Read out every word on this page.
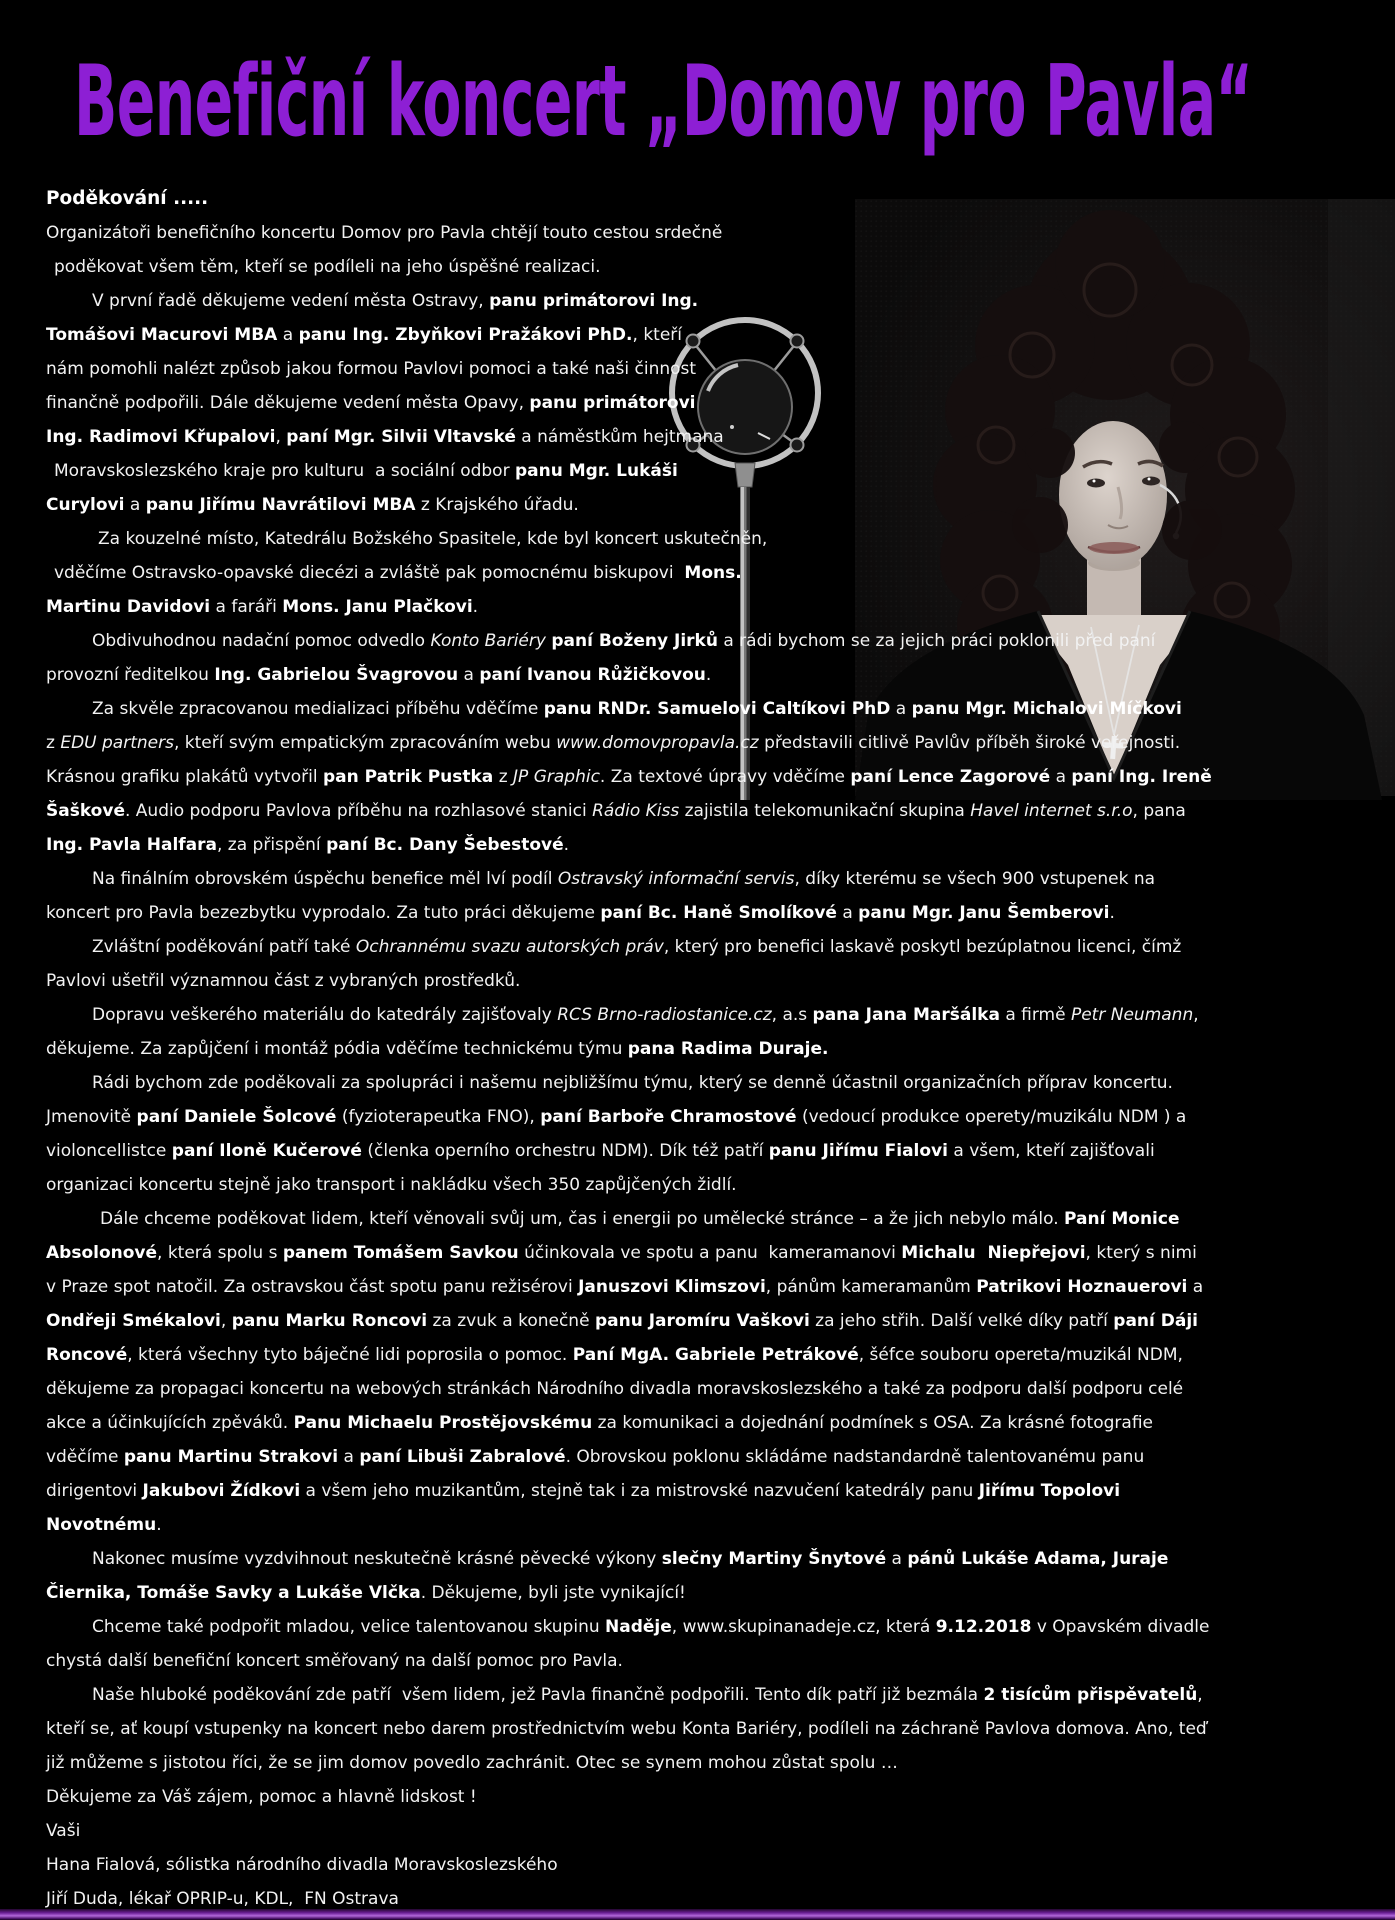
Benefiční koncert „Domov pro Pavla“
Poděkování .....
Organizátoři benefičního koncertu Domov pro Pavla chtějí touto cestou srdečně
poděkovat všem těm, kteří se podíleli na jeho úspěšné realizaci.
V první řadě děkujeme vedení města Ostravy, panu primátorovi Ing.
Tomášovi Macurovi MBA a panu Ing. Zbyňkovi Pražákovi PhD., kteří
nám pomohli nalézt způsob jakou formou Pavlovi pomoci a také naši činnost
finančně podpořili. Dále děkujeme vedení města Opavy, panu primátorovi
Ing. Radimovi Křupalovi, paní Mgr. Silvii Vltavské a náměstkům hejtmana
Moravskoslezského kraje pro kulturu  a sociální odbor panu Mgr. Lukáši
Curylovi a panu Jiřímu Navrátilovi MBA z Krajského úřadu.
Za kouzelné místo, Katedrálu Božského Spasitele, kde byl koncert uskutečněn,
vděčíme Ostravsko-opavské diecézi a zvláště pak pomocnému biskupovi  Mons.
Martinu Davidovi a faráři Mons. Janu Plačkovi.
Obdivuhodnou nadační pomoc odvedlo Konto Bariéry paní Boženy Jirků a rádi bychom se za jejich práci poklonili před paní
provozní ředitelkou Ing. Gabrielou Švagrovou a paní Ivanou Růžičkovou.
Za skvěle zpracovanou medializaci příběhu vděčíme panu RNDr. Samuelovi Caltíkovi PhD a panu Mgr. Michalovi Míčkovi
z EDU partners, kteří svým empatickým zpracováním webu www.domovpropavla.cz představili citlivě Pavlův příběh široké veřejnosti.
Krásnou grafiku plakátů vytvořil pan Patrik Pustka z JP Graphic. Za textové úpravy vděčíme paní Lence Zagorové a paní Ing. Ireně
Šaškové. Audio podporu Pavlova příběhu na rozhlasové stanici Rádio Kiss zajistila telekomunikační skupina Havel internet s.r.o, pana
Ing. Pavla Halfara, za přispění paní Bc. Dany Šebestové.
Na finálním obrovském úspěchu benefice měl lví podíl Ostravský informační servis, díky kterému se všech 900 vstupenek na
koncert pro Pavla bezezbytku vyprodalo. Za tuto práci děkujeme paní Bc. Haně Smolíkové a panu Mgr. Janu Šemberovi.
Zvláštní poděkování patří také Ochrannému svazu autorských práv, který pro benefici laskavě poskytl bezúplatnou licenci, čímž
Pavlovi ušetřil významnou část z vybraných prostředků.
Dopravu veškerého materiálu do katedrály zajišťovaly RCS Brno-radiostanice.cz, a.s pana Jana Maršálka a firmě Petr Neumann,
děkujeme. Za zapůjčení i montáž pódia vděčíme technickému týmu pana Radima Duraje.
Rádi bychom zde poděkovali za spolupráci i našemu nejbližšímu týmu, který se denně účastnil organizačních příprav koncertu.
Jmenovitě paní Daniele Šolcové (fyzioterapeutka FNO), paní Barboře Chramostové (vedoucí produkce operety/muzikálu NDM ) a
violoncellistce paní Iloně Kučerové (členka operního orchestru NDM). Dík též patří panu Jiřímu Fialovi a všem, kteří zajišťovali
organizaci koncertu stejně jako transport i nakládku všech 350 zapůjčených židlí.
Dále chceme poděkovat lidem, kteří věnovali svůj um, čas i energii po umělecké stránce – a že jich nebylo málo. Paní Monice
Absolonové, která spolu s panem Tomášem Savkou účinkovala ve spotu a panu  kameramanovi Michalu  Niepřejovi, který s nimi
v Praze spot natočil. Za ostravskou část spotu panu režisérovi Januszovi Klimszovi, pánům kameramanům Patrikovi Hoznauerovi a
Ondřeji Smékalovi, panu Marku Roncovi za zvuk a konečně panu Jaromíru Vaškovi za jeho střih. Další velké díky patří paní Dáji
Roncové, která všechny tyto báječné lidi poprosila o pomoc. Paní MgA. Gabriele Petrákové, šéfce souboru opereta/muzikál NDM,
děkujeme za propagaci koncertu na webových stránkách Národního divadla moravskoslezského a také za podporu další podporu celé
akce a účinkujících zpěváků. Panu Michaelu Prostějovskému za komunikaci a dojednání podmínek s OSA. Za krásné fotografie
vděčíme panu Martinu Strakovi a paní Libuši Zabralové. Obrovskou poklonu skládáme nadstandardně talentovanému panu
dirigentovi Jakubovi Žídkovi a všem jeho muzikantům, stejně tak i za mistrovské nazvučení katedrály panu Jiřímu Topolovi
Novotnému.
Nakonec musíme vyzdvihnout neskutečně krásné pěvecké výkony slečny Martiny Šnytové a pánů Lukáše Adama, Juraje
Čiernika, Tomáše Savky a Lukáše Vlčka. Děkujeme, byli jste vynikající!
Chceme také podpořit mladou, velice talentovanou skupinu Naděje, www.skupinanadeje.cz, která 9.12.2018 v Opavském divadle
chystá další benefiční koncert směřovaný na další pomoc pro Pavla.
Naše hluboké poděkování zde patří  všem lidem, jež Pavla finančně podpořili. Tento dík patří již bezmála 2 tisícům přispěvatelů,
kteří se, ať koupí vstupenky na koncert nebo darem prostřednictvím webu Konta Bariéry, podíleli na záchraně Pavlova domova. Ano, teď
již můžeme s jistotou říci, že se jim domov povedlo zachránit. Otec se synem mohou zůstat spolu …
Děkujeme za Váš zájem, pomoc a hlavně lidskost !
Vaši
Hana Fialová, sólistka národního divadla Moravskoslezského
Jiří Duda, lékař OPRIP-u, KDL,  FN Ostrava
